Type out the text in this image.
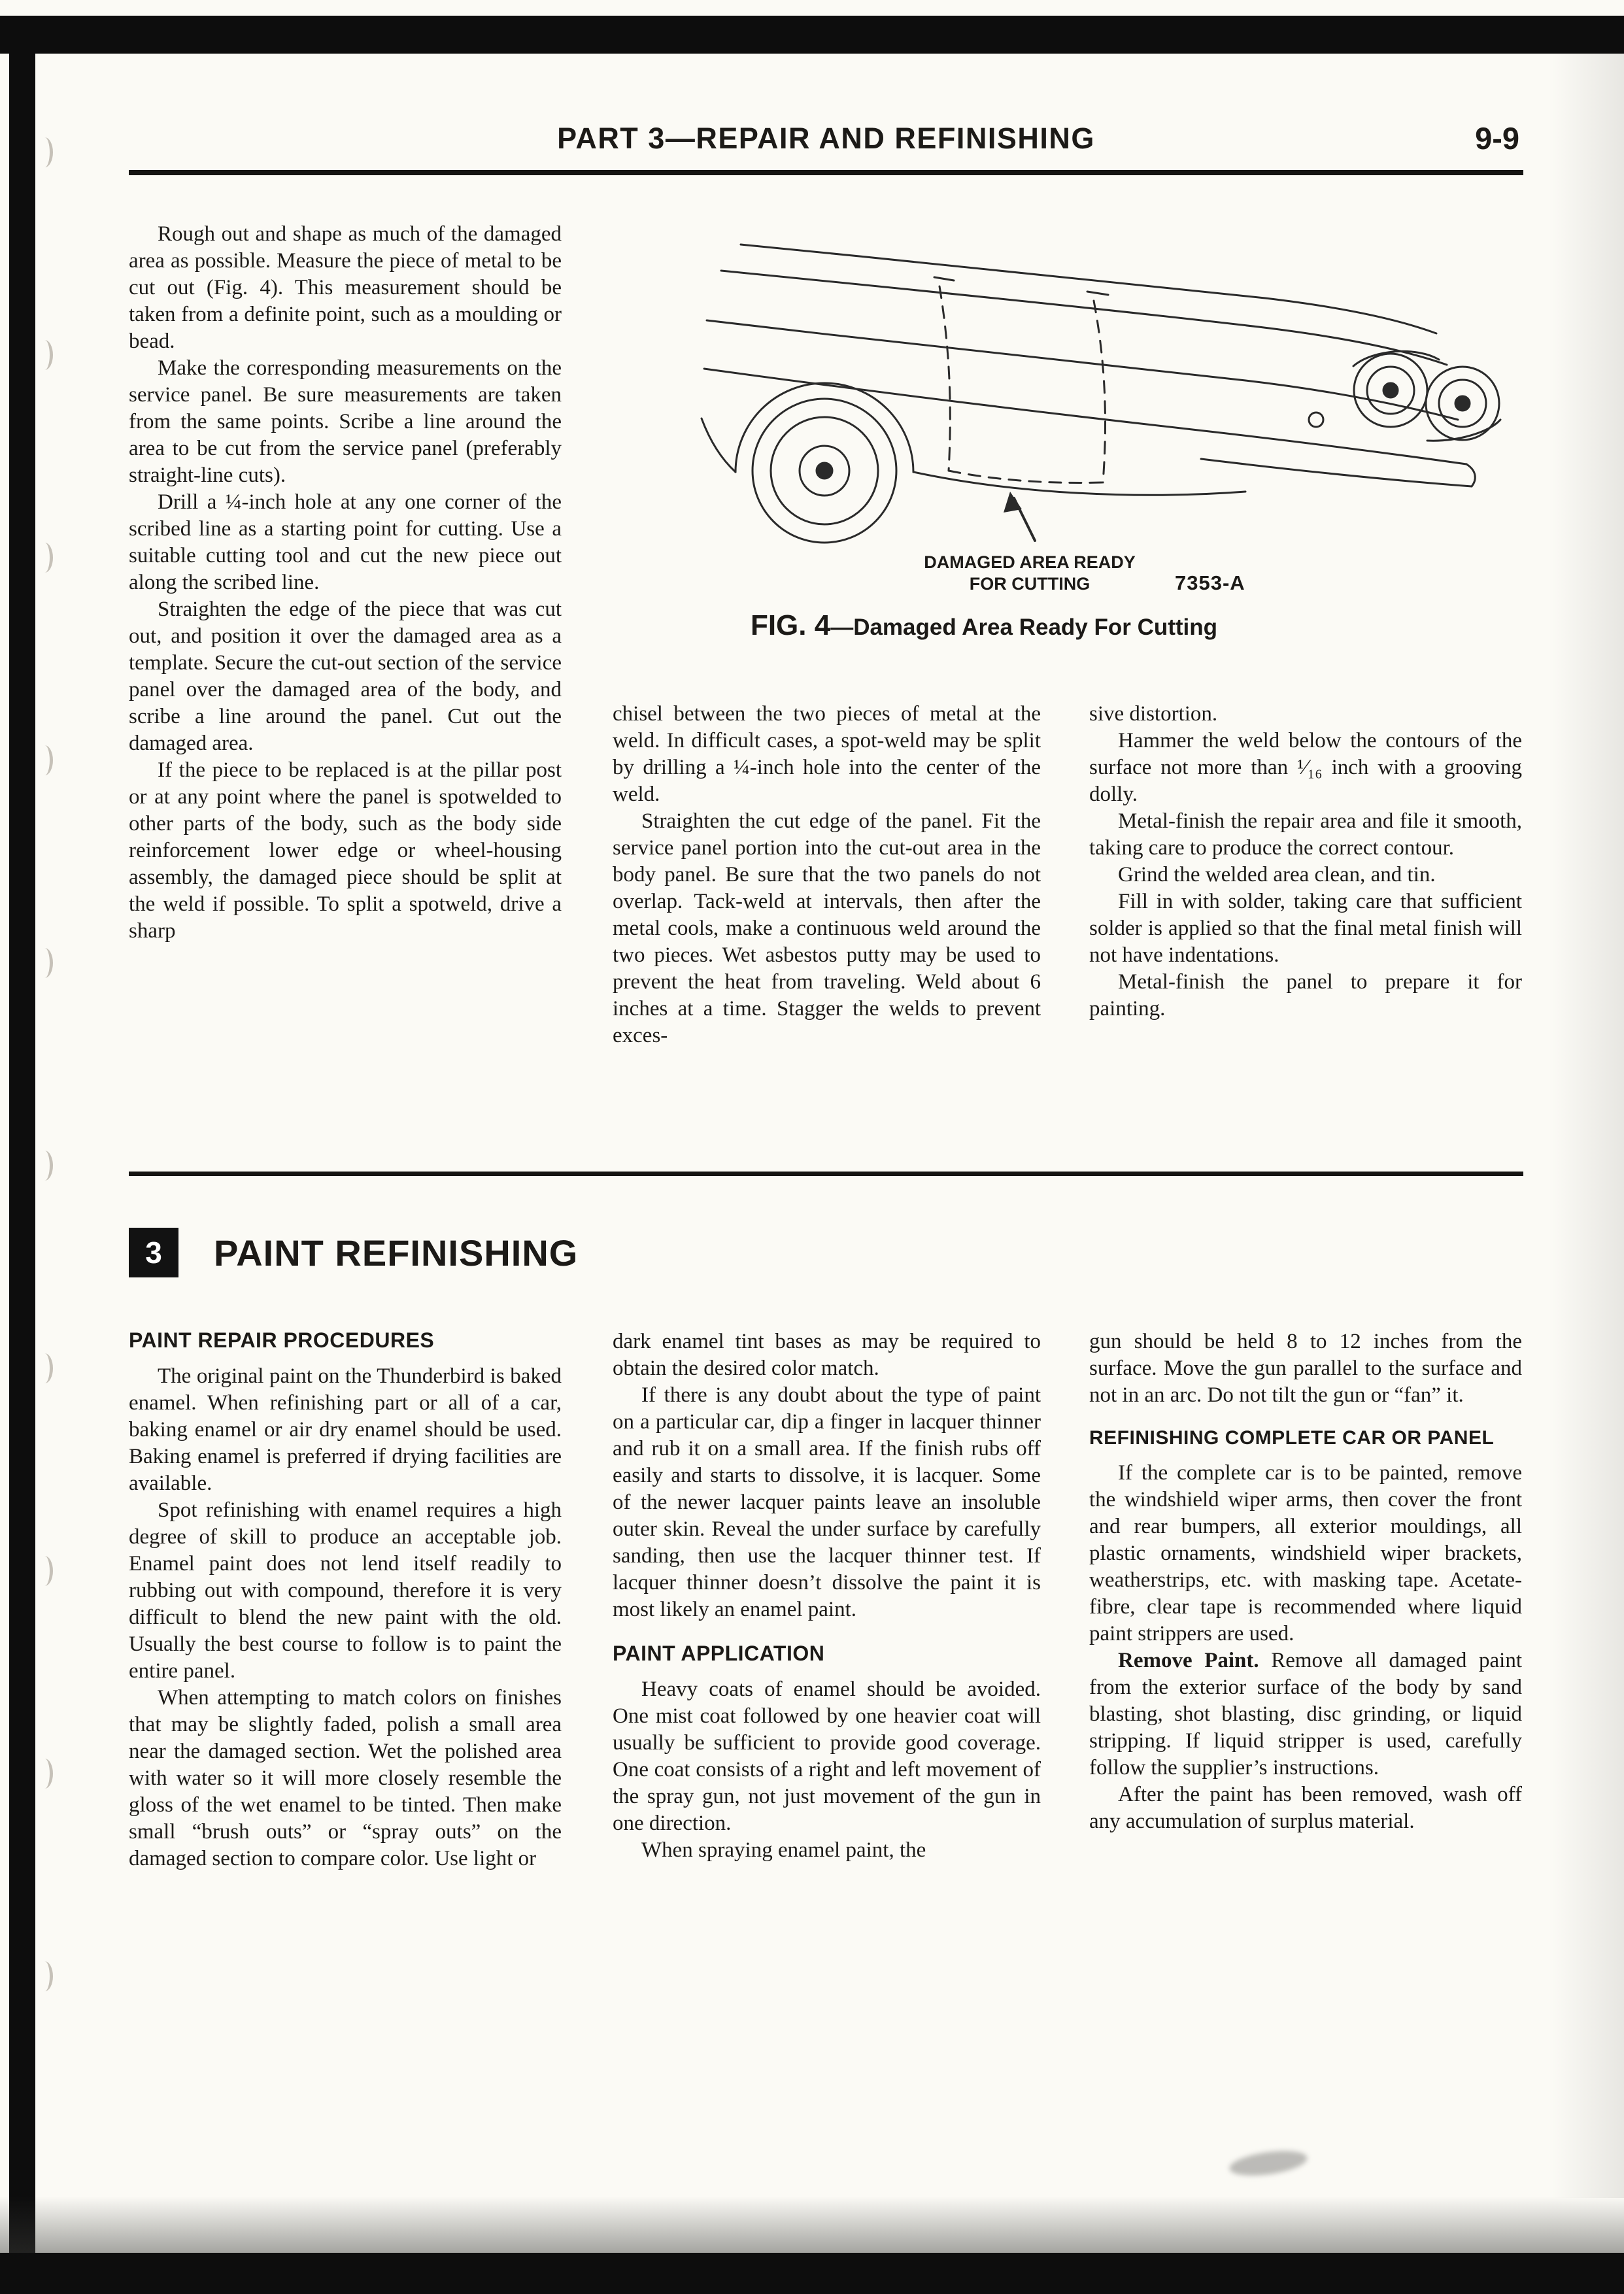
PART 3—REPAIR AND REFINISHING	9-9

Rough out and shape as much of the damaged area as possible. Measure the piece of metal to be cut out (Fig. 4). This measurement should be taken from a definite point, such as a moulding or bead.

Make the corresponding measurements on the service panel. Be sure measurements are taken from the same points. Scribe a line around the area to be cut from the service panel (preferably straight-line cuts).

Drill a ¼-inch hole at any one corner of the scribed line as a starting point for cutting. Use a suitable cutting tool and cut the new piece out along the scribed line.

Straighten the edge of the piece that was cut out, and position it over the damaged area as a template. Secure the cut-out section of the service panel over the damaged area of the body, and scribe a line around the panel. Cut out the damaged area.

If the piece to be replaced is at the pillar post or at any point where the panel is spotwelded to other parts of the body, such as the body side reinforcement lower edge or wheel-housing assembly, the damaged piece should be split at the weld if possible. To split a spotweld, drive a sharp

DAMAGED AREA READY
FOR CUTTING	7353-A
FIG. 4—Damaged Area Ready For Cutting

chisel between the two pieces of metal at the weld. In difficult cases, a spot-weld may be split by drilling a ¼-inch hole into the center of the weld.

Straighten the cut edge of the panel. Fit the service panel portion into the cut-out area in the body panel. Be sure that the two panels do not overlap. Tack-weld at intervals, then after the metal cools, make a continuous weld around the two pieces. Wet asbestos putty may be used to prevent the heat from traveling. Weld about 6 inches at a time. Stagger the welds to prevent exces-

sive distortion.

Hammer the weld below the contours of the surface not more than ¹⁄₁₆ inch with a grooving dolly.

Metal-finish the repair area and file it smooth, taking care to produce the correct contour.

Grind the welded area clean, and tin.

Fill in with solder, taking care that sufficient solder is applied so that the final metal finish will not have indentations.

Metal-finish the panel to prepare it for painting.

3	PAINT REFINISHING
PAINT REPAIR PROCEDURES

The original paint on the Thunderbird is baked enamel. When refinishing part or all of a car, baking enamel or air dry enamel should be used. Baking enamel is preferred if drying facilities are available.

Spot refinishing with enamel requires a high degree of skill to produce an acceptable job. Enamel paint does not lend itself readily to rubbing out with compound, therefore it is very difficult to blend the new paint with the old. Usually the best course to follow is to paint the entire panel.

When attempting to match colors on finishes that may be slightly faded, polish a small area near the damaged section. Wet the polished area with water so it will more closely resemble the gloss of the wet enamel to be tinted. Then make small “brush outs” or “spray outs” on the damaged section to compare color. Use light or

dark enamel tint bases as may be required to obtain the desired color match.

If there is any doubt about the type of paint on a particular car, dip a finger in lacquer thinner and rub it on a small area. If the finish rubs off easily and starts to dissolve, it is lacquer. Some of the newer lacquer paints leave an insoluble outer skin. Reveal the under surface by carefully sanding, then use the lacquer thinner test. If lacquer thinner doesn’t dissolve the paint it is most likely an enamel paint.

PAINT APPLICATION

Heavy coats of enamel should be avoided. One mist coat followed by one heavier coat will usually be sufficient to provide good coverage. One coat consists of a right and left movement of the spray gun, not just movement of the gun in one direction.

When spraying enamel paint, the

gun should be held 8 to 12 inches from the surface. Move the gun parallel to the surface and not in an arc. Do not tilt the gun or “fan” it.

REFINISHING COMPLETE CAR OR PANEL

If the complete car is to be painted, remove the windshield wiper arms, then cover the front and rear bumpers, all exterior mouldings, all plastic ornaments, windshield wiper brackets, weatherstrips, etc. with masking tape. Acetate-fibre, clear tape is recommended where liquid paint strippers are used.

Remove Paint. Remove all damaged paint from the exterior surface of the body by sand blasting, shot blasting, disc grinding, or liquid stripping. If liquid stripper is used, carefully follow the supplier’s instructions.

After the paint has been removed, wash off any accumulation of surplus material.
